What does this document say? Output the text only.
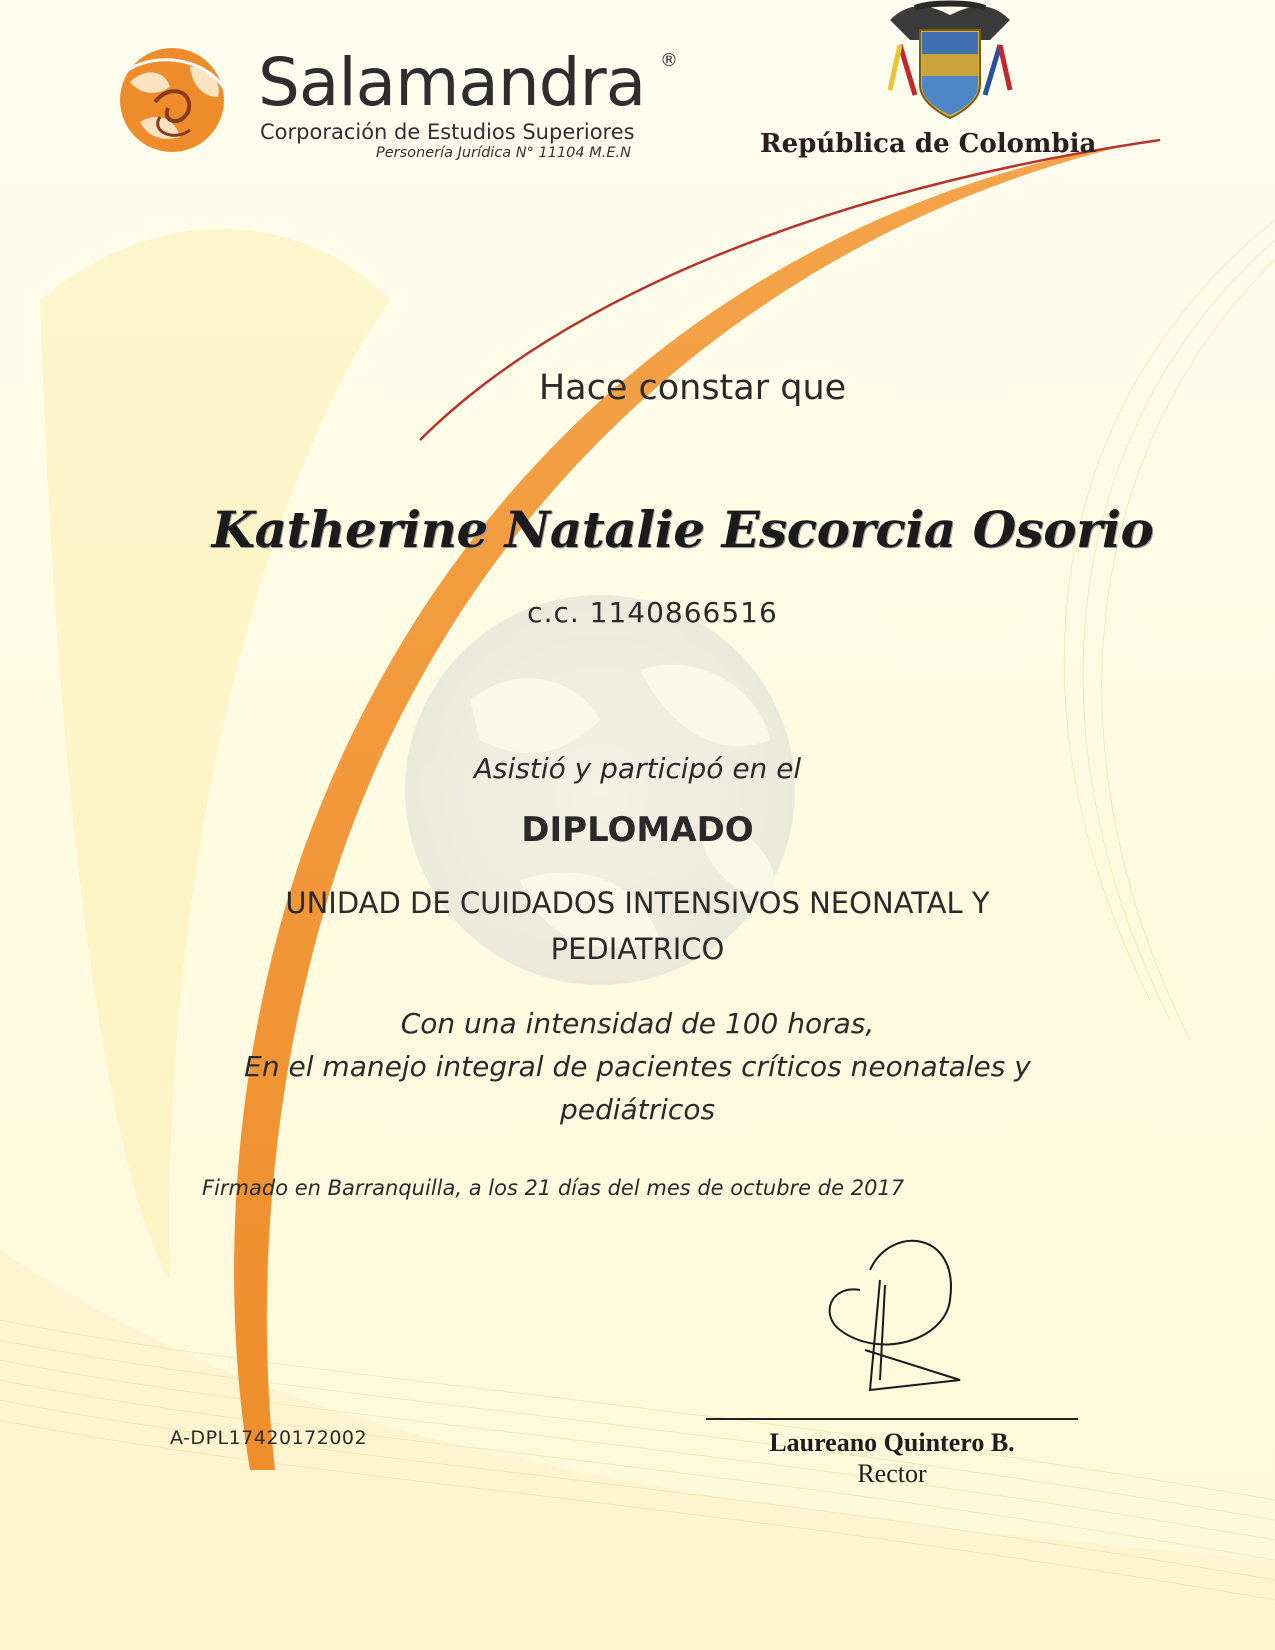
Salamandra ®
Corporación de Estudios Superiores
Personería Jurídica N° 11104 M.E.N	República de Colombia
Hace constar que
Katherine Natalie Escorcia Osorio
c.c. 1140866516
Asistió y participó en el
DIPLOMADO
UNIDAD DE CUIDADOS INTENSIVOS NEONATAL Y
PEDIATRICO
Con una intensidad de 100 horas,
En el manejo integral de pacientes críticos neonatales y
pediátricos
Firmado en Barranquilla, a los 21 días del mes de octubre de 2017
Laureano Quintero B.
Rector
A-DPL17420172002
